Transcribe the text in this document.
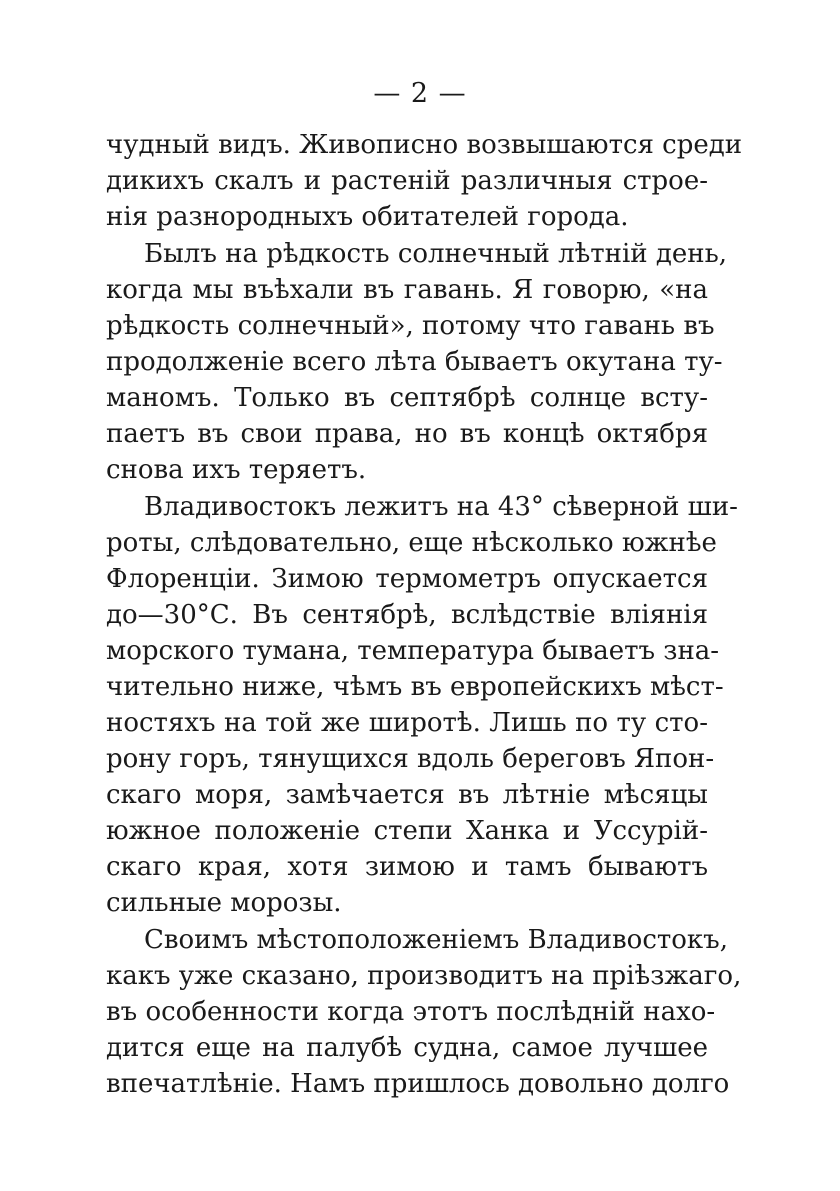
— 2 —
чудный видъ. Живописно возвышаются среди
дикихъ скалъ и растеній различныя строе-
нія разнородныхъ обитателей города.
Былъ на рѣдкость солнечный лѣтній день,
когда мы въѣхали въ гавань. Я говорю, «на
рѣдкость солнечный», потому что гавань въ
продолженіе всего лѣта бываетъ окутана ту-
маномъ. Только въ септябрѣ солнце всту-
паетъ въ свои права, но въ концѣ октября
снова ихъ теряетъ.
Владивостокъ лежитъ на 43° сѣверной ши-
роты, слѣдовательно, еще нѣсколько южнѣе
Флоренціи. Зимою термометръ опускается
до—30°С. Въ сентябрѣ, вслѣдствіе вліянія
морского тумана, температура бываетъ зна-
чительно ниже, чѣмъ въ европейскихъ мѣст-
ностяхъ на той же широтѣ. Лишь по ту сто-
рону горъ, тянущихся вдоль береговъ Япон-
скаго моря, замѣчается въ лѣтніе мѣсяцы
южное положеніе степи Ханка и Уссурій-
скаго края, хотя зимою и тамъ бываютъ
сильные морозы.
Своимъ мѣстоположеніемъ Владивостокъ,
какъ уже сказано, производитъ на пріѣзжаго,
въ особенности когда этотъ послѣдній нахо-
дится еще на палубѣ судна, самое лучшее
впечатлѣніе. Намъ пришлось довольно долго
